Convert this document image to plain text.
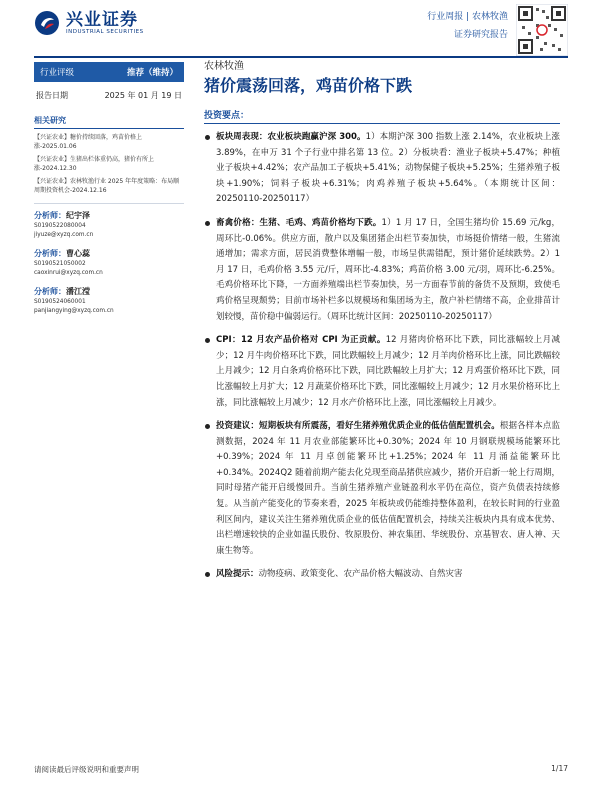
兴业证券
INDUSTRIAL SECURITIES
行业周报 | 农林牧渔
证券研究报告
行业评级	推荐（维持）
报告日期	2025 年 01 月 19 日
相关研究

【兴证农业】糖价持续回落，鸡苗价格上涨-2025.01.06

【兴证农业】生猪出栏体重仍高，猪价有所上涨-2024.12.30

【兴证农业】农林牧渔行业 2025 年年度策略：布局顺周期投资机会-2024.12.16

分析师：纪宇泽
S0190522080004
jiyuze@xyzq.com.cn
分析师：曹心蕊
S0190521050002
caoxinrui@xyzq.com.cn
分析师：潘江滢
S0190524060001
panjiangying@xyzq.com.cn
农林牧渔
猪价震荡回落，鸡苗价格下跌
投资要点：
板块周表现：农业板块跑赢沪深 300。1）本期沪深 300 指数上涨 2.14%，农业板块上涨 3.89%，在申万 31 个子行业中排名第 13 位。2）分板块看：渔业子板块+5.47%；种植业子板块+4.42%；农产品加工子板块+5.41%；动物保健子板块+5.25%；生猪养殖子板块+1.90%；饲料子板块+6.31%；肉鸡养殖子板块+5.64%。（本期统计区间：20250110-20250117）
畜禽价格：生猪、毛鸡、鸡苗价格均下跌。1）1 月 17 日，全国生猪均价 15.69 元/kg，周环比-0.06%。供应方面，散户以及集团猪企出栏节奏加快，市场挺价情绪一般，生猪流通增加；需求方面，居民消费整体增幅一般，市场呈供需错配，预计猪价延续跌势。2）1 月 17 日，毛鸡价格 3.55 元/斤，周环比-4.83%；鸡苗价格 3.00 元/羽，周环比-6.25%。毛鸡价格环比下降，一方面养殖端出栏节奏加快，另一方面春节前的备货不及预期，致使毛鸡价格呈现颓势；目前市场补栏多以规模场和集团场为主，散户补栏情绪不高，企业排苗计划较慢，苗价稳中偏弱运行。（周环比统计区间：20250110-20250117）
CPI：12 月农产品价格对 CPI 为正贡献。12 月猪肉价格环比下跌，同比涨幅较上月减少；12 月牛肉价格环比下跌，同比跌幅较上月减少；12 月羊肉价格环比上涨，同比跌幅较上月减少；12 月白条鸡价格环比下跌，同比跌幅较上月扩大；12 月鸡蛋价格环比下跌，同比涨幅较上月扩大；12 月蔬菜价格环比下跌，同比涨幅较上月减少；12 月水果价格环比上涨，同比涨幅较上月减少；12 月水产价格环比上涨，同比涨幅较上月减少。
投资建议：短期板块有所震荡，看好生猪养殖优质企业的低估值配置机会。根据各样本点监测数据，2024 年 11 月农业部能繁环比+0.30%；2024 年 10 月钢联规模场能繁环比+0.39%；2024 年 11 月卓创能繁环比+1.25%；2024 年 11 月涌益能繁环比+0.34%。2024Q2 随着前期产能去化兑现至商品猪供应减少，猪价开启新一轮上行周期，同时母猪产能开启缓慢回升。当前生猪养殖产业链盈利水平仍在高位，资产负债表持续修复。从当前产能变化的节奏来看，2025 年板块或仍能维持整体盈利，在较长时间的行业盈利区间内，建议关注生猪养殖优质企业的低估值配置机会，持续关注板块内具有成本优势、出栏增速较快的企业如温氏股份、牧原股份、神农集团、华统股份、京基智农、唐人神、天康生物等。
风险提示：动物疫病、政策变化、农产品价格大幅波动、自然灾害
请阅读最后评级说明和重要声明	1/17
